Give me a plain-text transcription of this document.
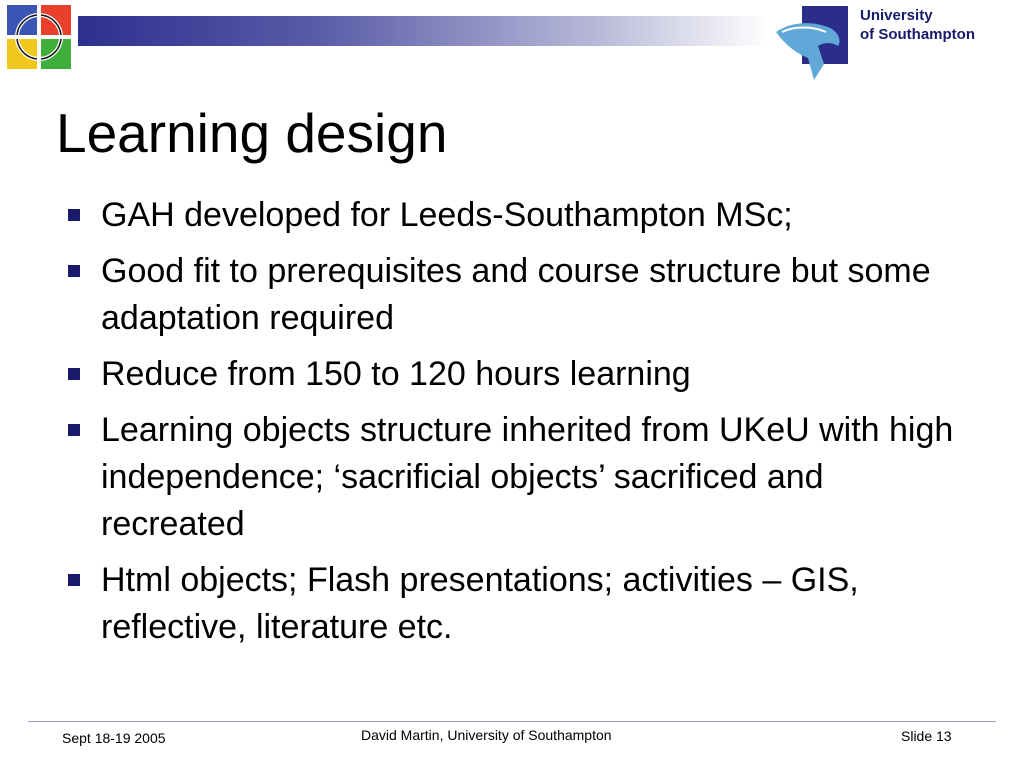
University
of Southampton
Learning design
GAH developed for Leeds-Southampton MSc;
Good fit to prerequisites and course structure but some adaptation required
Reduce from 150 to 120 hours learning
Learning objects structure inherited from UKeU with high independence; ‘sacrificial objects’ sacrificed and recreated
Html objects; Flash presentations; activities – GIS, reflective, literature etc.
Sept 18-19 2005	David Martin, University of Southampton	Slide 13
